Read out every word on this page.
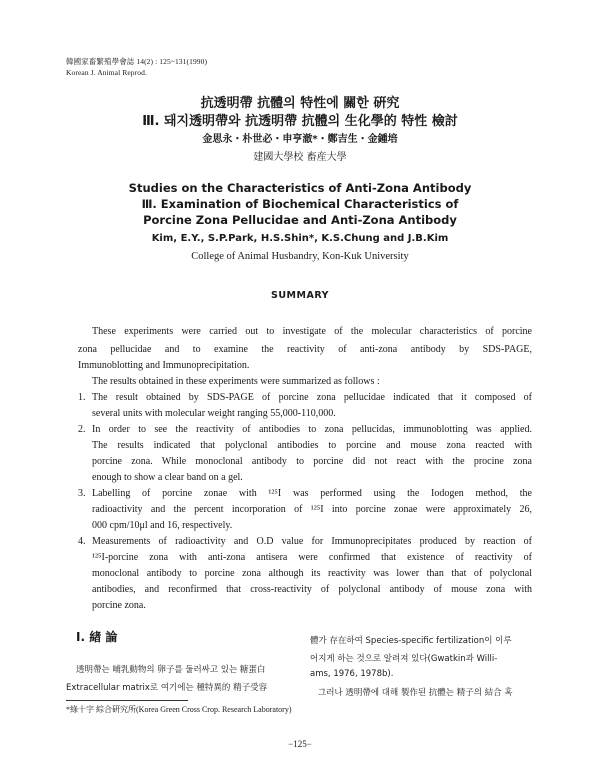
韓國家畜繁殖學會誌 14(2) : 125~131(1990)
Korean J. Animal Reprod.
抗透明帶 抗體의 特性에 關한 硏究
Ⅲ. 돼지透明帶와 抗透明帶 抗體의 生化學的 特性 檢討
金思永・朴世必・申亨澈*・鄭吉生・金鍾培
建國大學校 畜産大學
Studies on the Characteristics of Anti-Zona Antibody
Ⅲ. Examination of Biochemical Characteristics of
Porcine Zona Pellucidae and Anti-Zona Antibody
Kim, E.Y., S.P.Park, H.S.Shin*, K.S.Chung and J.B.Kim
College of Animal Husbandry, Kon-Kuk University
SUMMARY
These experiments were carried out to investigate of the molecular characteristics of porcine
zona pellucidae and to examine the reactivity of anti-zona antibody by SDS-PAGE,
Immunoblotting and Immunoprecipitation.
The results obtained in these experiments were summarized as follows :
1. The result obtained by SDS-PAGE of porcine zona pellucidae indicated that it composed of
several units with molecular weight ranging 55,000-110,000.
2. In order to see the reactivity of antibodies to zona pellucidas, immunoblotting was applied.
The results indicated that polyclonal antibodies to porcine and mouse zona reacted with
porcine zona. While monoclonal antibody to porcine did not react with the procine zona
enough to show a clear band on a gel.
3. Labelling of porcine zonae with ¹²⁵I was performed using the Iodogen method, the
radioactivity and the percent incorporation of ¹²⁵I into porcine zonae were approximately 26,
000 cpm/10μl and 16, respectively.
4. Measurements of radioactivity and O.D value for Immunoprecipitates produced by reaction of
¹²⁵I-porcine zona with anti-zona antisera were confirmed that existence of reactivity of
monoclonal antibody to porcine zona although its reactivity was lower than that of polyclonal
antibodies, and reconfirmed that cross-reactivity of polyclonal antibody of mouse zona with
porcine zona.
Ⅰ. 緖 論
透明帶는 哺乳動物의 卵子를 둘러싸고 있는 糖蛋白
Extracellular matrix로 여기에는 種特異的 精子受容
體가 存在하여 Species-specific fertilization이 이루
어지게 하는 것으로 알려져 있다(Gwatkin과 Willi-
ams, 1976, 1978b).
그러나 透明帶에 대해 製作된 抗體는 精子의 結合 혹
*綠十字 綜合硏究所(Korea Green Cross Crop. Research Laboratory)
−125−
